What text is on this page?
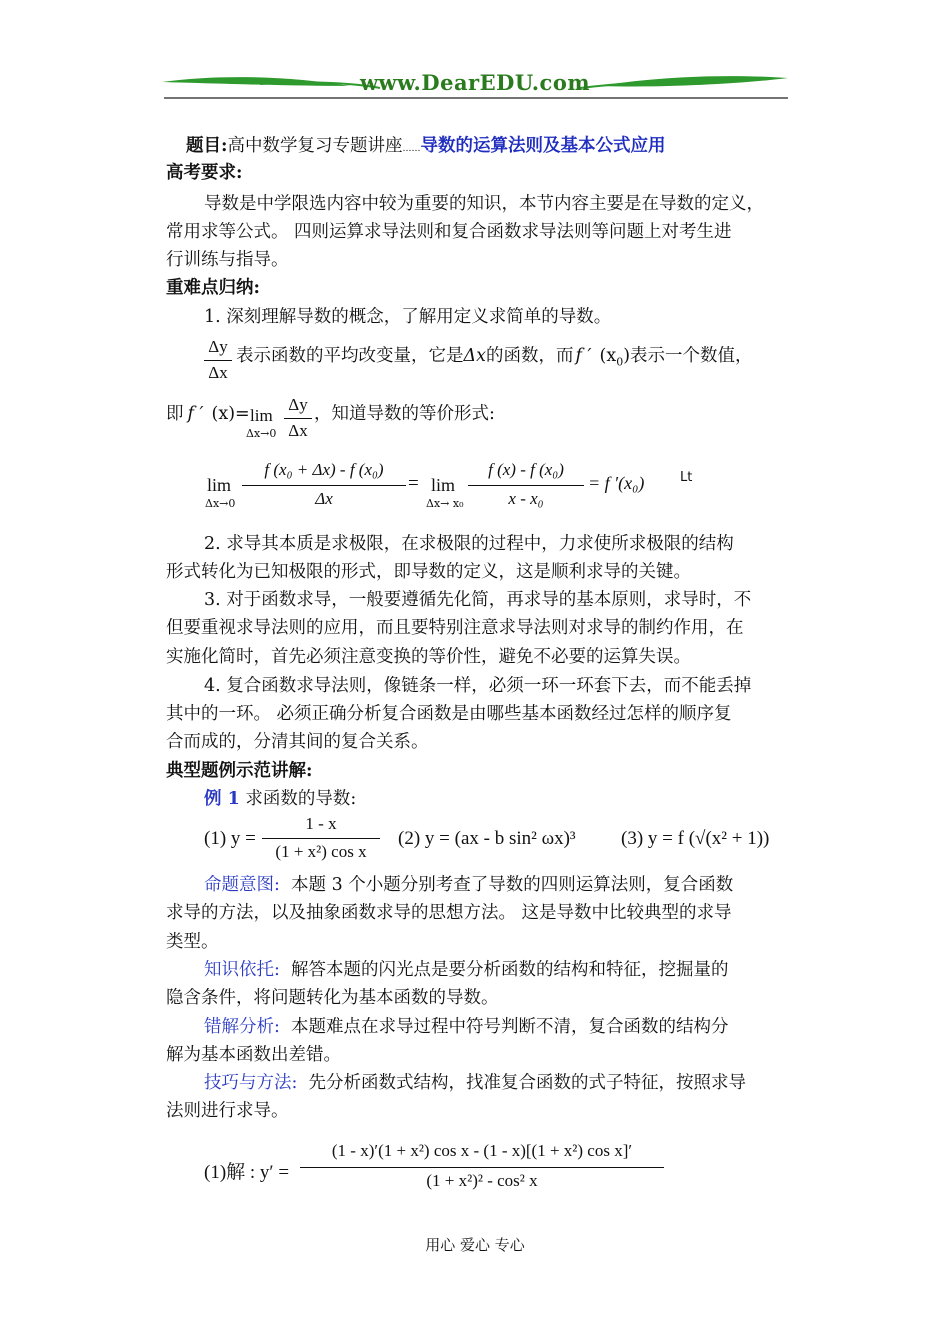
www.DearEDU.com
题目:高中数学复习专题讲座……导数的运算法则及基本公式应用
高考要求:
导数是中学限选内容中较为重要的知识，本节内容主要是在导数的定义，
常用求等公式。 四则运算求导法则和复合函数求导法则等问题上对考生进
行训练与指导。
重难点归纳:
1. 深刻理解导数的概念，了解用定义求简单的导数。
Δy
Δx
表示函数的平均改变量，它是Δx的函数，而 f ′ $(x_0)$表示一个数值，
即 f ′ (x)= lim
Δx→0
Δy
Δx
，知道导数的等价形式:
lim
Δx→0
f (x₀ + Δx) - f (x₀)
Δx
= lim
Δx→ x₀
f (x) - f (x₀)
x - x₀
= f ′(x₀)	Lt
2. 求导其本质是求极限，在求极限的过程中，力求使所求极限的结构
形式转化为已知极限的形式，即导数的定义，这是顺利求导的关键。
3. 对于函数求导，一般要遵循先化简，再求导的基本原则，求导时，不
但要重视求导法则的应用，而且要特别注意求导法则对求导的制约作用，在
实施化简时，首先必须注意变换的等价性，避免不必要的运算失误。
4. 复合函数求导法则，像链条一样，必须一环一环套下去，而不能丢掉
其中的一环。 必须正确分析复合函数是由哪些基本函数经过怎样的顺序复
合而成的，分清其间的复合关系。
典型题例示范讲解:
例 1 求函数的导数:
(1) y =
1 - x
(1 + x²) cos x
(2) y = (ax - b sin² ωx)³ (3) y = f (√(x² + 1))
命题意图: 本题 3 个小题分别考查了导数的四则运算法则，复合函数
求导的方法，以及抽象函数求导的思想方法。 这是导数中比较典型的求导
类型。
知识依托: 解答本题的闪光点是要分析函数的结构和特征，挖掘量的
隐含条件，将问题转化为基本函数的导数。
错解分析: 本题难点在求导过程中符号判断不清，复合函数的结构分
解为基本函数出差错。
技巧与方法: 先分析函数式结构，找准复合函数的式子特征，按照求导
法则进行求导。
(1)解 : y′ =
(1 - x)′(1 + x²) cos x - (1 - x)[(1 + x²) cos x]′
(1 + x²)² - cos² x
用心 爱心 专心
